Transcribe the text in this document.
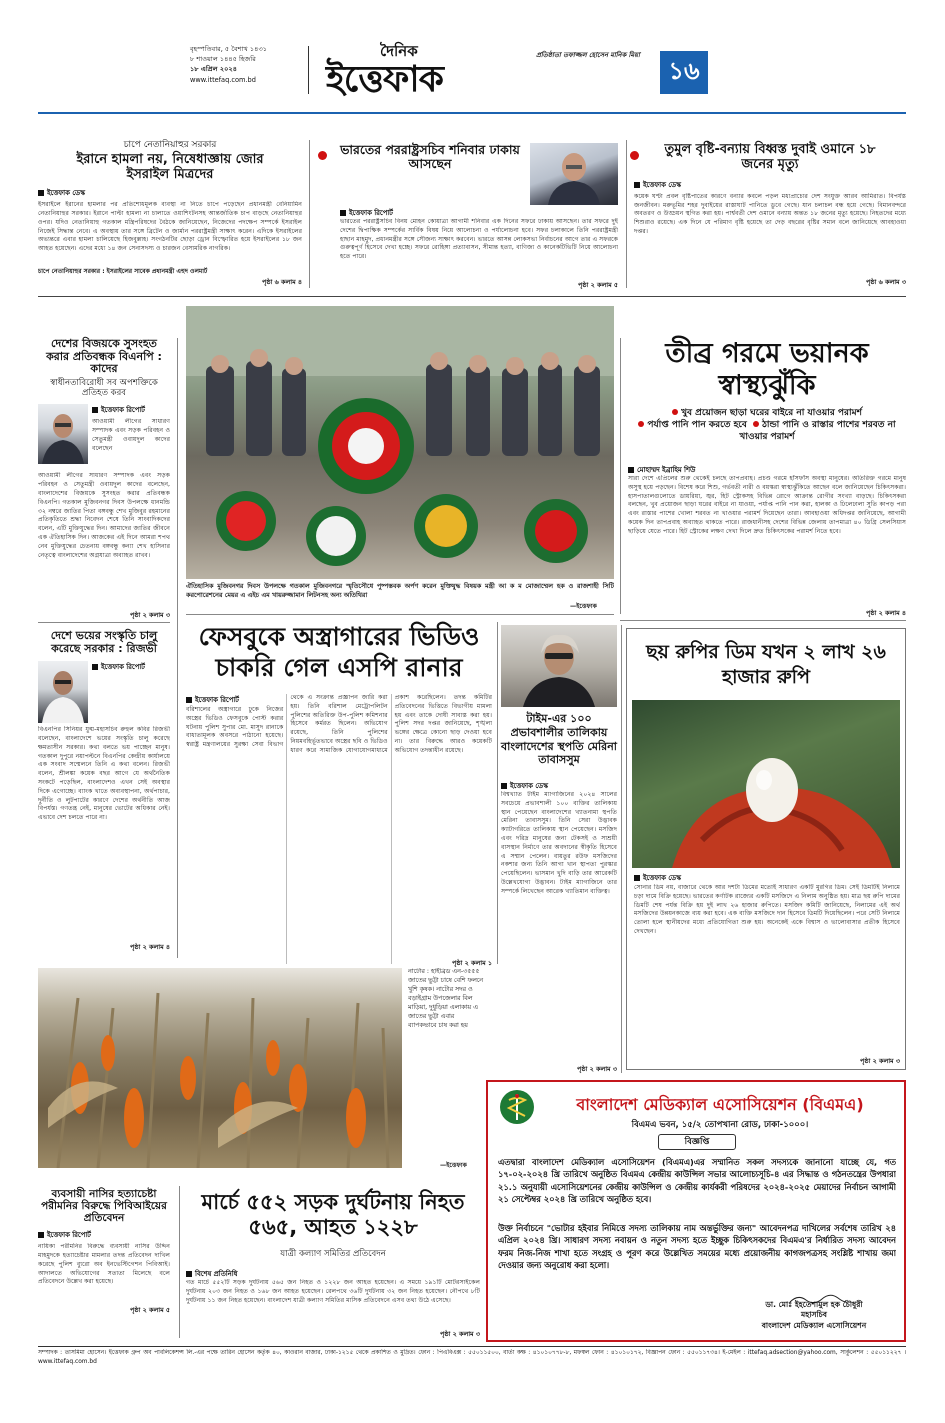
বৃহস্পতিবার, ৫ বৈশাখ ১৪৩১
৮ শাওয়াল ১৪৪৫ হিজরি
১৮ এপ্রিল ২০২৪
www.ittefaq.com.bd
দৈনিক
ইত্তেফাক
প্রতিষ্ঠাতা তফাজ্জল হোসেন মানিক মিয়া
১৬
চাপে নেতানিয়াহুর সরকার
ইরানে হামলা নয়, নিষেধাজ্ঞায় জোর ইসরাইল মিত্রদের
ইত্তেফাক ডেস্ক
ইসরাইলে ইরানের হামলার পর প্রতিশোধমূলক ব্যবস্থা না নিতে চাপে পড়েছেন প্রধানমন্ত্রী বেনিয়ামিন নেতানিয়াহুর সরকার। ইরানে পাল্টা হামলা না চালাতে ওয়াশিংটনসহ আন্তর্জাতিক চাপ বাড়ছে নেতানিয়াহুর ওপর। যদিও নেতানিয়াহু গতকাল মন্ত্রিপরিষদের বৈঠকে জানিয়েছেন, নিজেদের পদক্ষেপ সম্পর্কে ইসরাইল নিজেই সিদ্ধান্ত নেবে। এ অবস্থায় তার সঙ্গে ব্রিটেন ও জার্মান পররাষ্ট্রমন্ত্রী সাক্ষাৎ করেন। এদিকে ইসরাইলের অভ্যন্তরে এবার হামলা চালিয়েছে হিজবুল্লাহ। সংগঠনটির ছোড়া ড্রোন বিস্ফোরিত হয়ে ইসরাইলের ১৮ জন আহত হয়েছেন। এদের মধ্যে ১৪ জন সেনাসদস্য ও চারজন বেসামরিক নাগরিক।
চাপে নেতানিয়াহুর সরকার : ইসরাইলের সাবেক প্রধানমন্ত্রী এহুদ ওলমার্ট
পৃষ্ঠা ৬ কলাম ৪
ভারতের পররাষ্ট্রসচিব শনিবার ঢাকায় আসছেন
ইত্তেফাক রিপোর্ট
ভারতের পররাষ্ট্রসচিব বিনয় মোহন কোয়াত্রা আগামী শনিবার এক দিনের সফরে ঢাকায় আসছেন। তার সফরে দুই দেশের দ্বিপাক্ষিক সম্পর্কের সার্বিক বিষয় নিয়ে আলোচনা ও পর্যালোচনা হবে। সফর চলাকালে তিনি পররাষ্ট্রমন্ত্রী হাছান মাহমুদ, প্রধানমন্ত্রীর সঙ্গে সৌজন্য সাক্ষাৎ করবেন। ভারতে আসন্ন লোকসভা নির্বাচনের আগে তার এ সফরকে গুরুত্বপূর্ণ হিসেবে দেখা হচ্ছে। সফরে রোহিঙ্গা প্রত্যাবাসন, সীমান্ত হত্যা, বাণিজ্য ও কানেকটিভিটি নিয়ে আলোচনা হতে পারে।
পৃষ্ঠা ২ কলাম ৫
তুমুল বৃষ্টি-বন্যায় বিধ্বস্ত দুবাই ওমানে ১৮ জনের মৃত্যু
ইত্তেফাক ডেস্ক
কয়েক ঘণ্টা প্রবল বৃষ্টিপাতের কারণে বন্যার কবলে পড়ল মধ্যপ্রাচ্যের দেশ সংযুক্ত আরব আমিরাত। বিপর্যস্ত জনজীবন। মরুভূমির শহর দুবাইয়ের রাস্তাঘাট পানিতে ডুবে গেছে। যান চলাচল বন্ধ হয়ে গেছে। বিমানবন্দরে অবতরণ ও উড্ডয়ন স্থগিত করা হয়। পার্শ্ববর্তী দেশ ওমানে বন্যায় অন্তত ১৮ জনের মৃত্যু হয়েছে। নিহতদের মধ্যে শিশুরাও রয়েছে। এক দিনে যে পরিমাণ বৃষ্টি হয়েছে তা দেড় বছরের বৃষ্টির সমান বলে জানিয়েছে আবহাওয়া দপ্তর।
পৃষ্ঠা ৬ কলাম ৩
দেশের বিজয়কে সুসংহত করার প্রতিবন্ধক বিএনপি : কাদের
স্বাধীনতাবিরোধী সব অপশক্তিকে প্রতিহত করব
ইত্তেফাক রিপোর্ট
আওয়ামী লীগের সাধারণ সম্পাদক এবং সড়ক পরিবহন ও সেতুমন্ত্রী ওবায়দুল কাদের বলেছেন
আওয়ামী লীগের সাধারণ সম্পাদক এবং সড়ক পরিবহন ও সেতুমন্ত্রী ওবায়দুল কাদের বলেছেন, বাংলাদেশের বিজয়কে সুসংহত করার প্রতিবন্ধক বিএনপি। গতকাল মুজিবনগর দিবস উপলক্ষে ধানমন্ডি ৩২ নম্বরে জাতির পিতা বঙ্গবন্ধু শেখ মুজিবুর রহমানের প্রতিকৃতিতে শ্রদ্ধা নিবেদন শেষে তিনি সাংবাদিকদের বলেন, এটি মুক্তিযুদ্ধের দিন। আমাদের জাতির জীবনে এক ঐতিহাসিক দিন। আজকের এই দিনে আমরা শপথ নেব মুক্তিযুদ্ধের চেতনায় বঙ্গবন্ধু কন্যা শেখ হাসিনার নেতৃত্বে বাংলাদেশের অগ্রযাত্রা অব্যাহত রাখব।
পৃষ্ঠা ২ কলাম ৩
দেশে ভয়ের সংস্কৃতি চালু করেছে সরকার : রিজভী
ইত্তেফাক রিপোর্ট
বিএনপির সিনিয়র যুগ্ম-মহাসচিব রুহুল কবির রিজভী বলেছেন, বাংলাদেশে ভয়ের সংস্কৃতি চালু করেছে ক্ষমতাসীন সরকার। কথা বলতে ভয় পাচ্ছেন মানুষ। গতকাল দুপুরে নয়াপল্টনে বিএনপির কেন্দ্রীয় কার্যালয়ে এক সংবাদ সম্মেলনে তিনি এ কথা বলেন। রিজভী বলেন, শ্রীলঙ্কা কয়েক বছর আগে যে অর্থনৈতিক সংকটে পড়েছিল, বাংলাদেশও এখন সেই অবস্থার দিকে এগোচ্ছে। ব্যাংক খাতে অব্যবস্থাপনা, অর্থপাচার, দুর্নীতি ও লুটপাটের কারণে দেশের অর্থনীতি আজ বিপর্যস্ত। গণতন্ত্র নেই, মানুষের ভোটের অধিকার নেই। এভাবে দেশ চলতে পারে না।
পৃষ্ঠা ২ কলাম ৪
ব্যবসায়ী নাসির হত্যাচেষ্টা পরীমনির বিরুদ্ধে পিবিআইয়ের প্রতিবেদন
ইত্তেফাক রিপোর্ট
নায়িকা পরীমনির বিরুদ্ধে ব্যবসায়ী নাসির উদ্দিন মাহমুদকে হত্যাচেষ্টার মামলার তদন্ত প্রতিবেদন দাখিল করেছে পুলিশ ব্যুরো অব ইনভেস্টিগেশন পিবিআই। আদালতে অভিযোগের সত্যতা মিলেছে বলে প্রতিবেদনে উল্লেখ করা হয়েছে।
পৃষ্ঠা ২ কলাম ৫
ঐতিহাসিক মুজিবনগর দিবস উপলক্ষে গতকাল মুজিবনগরে স্মৃতিসৌধে পুষ্পস্তবক অর্পণ করেন মুক্তিযুদ্ধ বিষয়ক মন্ত্রী আ ক ম মোজাম্মেল হক ও রাজশাহী সিটি করপোরেশনের মেয়র এ এইচ এম খায়রুজ্জামান লিটনসহ অন্য অতিথিরা
—ইত্তেফাক
ফেসবুকে অস্ত্রাগারের ভিডিও চাকরি গেল এসপি রানার
ইত্তেফাক রিপোর্ট
বরিশালের অস্ত্রাগারে ঢুকে নিজের অস্ত্রের ভিডিও ফেসবুকে পোস্ট করার ঘটনায় পুলিশ সুপার মো. মাসুদ রানাকে বাধ্যতামূলক অবসরে পাঠানো হয়েছে। স্বরাষ্ট্র মন্ত্রণালয়ের সুরক্ষা সেবা বিভাগ থেকে এ সংক্রান্ত প্রজ্ঞাপন জারি করা হয়। তিনি বরিশাল মেট্রোপলিটন পুলিশের অতিরিক্ত উপ-পুলিশ কমিশনার হিসেবে কর্মরত ছিলেন। অভিযোগ রয়েছে, তিনি পুলিশের নিয়মবহির্ভূতভাবে অস্ত্রের ছবি ও ভিডিও ধারণ করে সামাজিক যোগাযোগমাধ্যমে প্রকাশ করেছিলেন। তদন্ত কমিটির প্রতিবেদনের ভিত্তিতে বিভাগীয় মামলা হয় এবং তাকে দোষী সাব্যস্ত করা হয়। পুলিশ সদর দপ্তর জানিয়েছে, শৃঙ্খলা ভঙ্গের ক্ষেত্রে কোনো ছাড় দেওয়া হবে না। তার বিরুদ্ধে আরও কয়েকটি অভিযোগ তদন্তাধীন রয়েছে।
পৃষ্ঠা ২ কলাম ১
নাটোর : হাইব্রিড এন-৩৫৫৫ জাতের ভুট্টা চাষে বেশি ফলনে খুশি কৃষক। নাটোর সদর ও বড়াইগ্রাম উপজেলার বিল মাড়িয়া, দুধুড়িয়া এলাকায় এ জাতের ভুট্টা এবার ব্যাপকভাবে চাষ করা হয়
—ইত্তেফাক
মার্চে ৫৫২ সড়ক দুর্ঘটনায় নিহত ৫৬৫, আহত ১২২৮
যাত্রী কল্যাণ সমিতির প্রতিবেদন
বিশেষ প্রতিনিধি
গত মার্চে ৫৫২টি সড়ক দুর্ঘটনায় ৫৬৫ জন নিহত ও ১২২৮ জন আহত হয়েছেন। এ সময়ে ১৯১টি মোটরসাইকেল দুর্ঘটনায় ২০৩ জন নিহত ও ১৬৮ জন আহত হয়েছেন। রেলপথে ৩৬টি দুর্ঘটনায় ৩২ জন নিহত হয়েছেন। নৌপথে ৮টি দুর্ঘটনায় ১১ জন নিহত হয়েছেন। বাংলাদেশ যাত্রী কল্যাণ সমিতির মাসিক প্রতিবেদনে এসব তথ্য উঠে এসেছে।
পৃষ্ঠা ২ কলাম ৩
তীব্র গরমে ভয়ানক স্বাস্থ্যঝুঁকি
খুব প্রয়োজন ছাড়া ঘরের বাইরে না যাওয়ার পরামর্শ
পর্যাপ্ত পানি পান করতে হবে ঠান্ডা পানি ও রাস্তার পাশের শরবত না খাওয়ার পরামর্শ
মোহাম্মদ ইব্রাহিম শিউ
সারা দেশে এপ্রিলের শুরু থেকেই চলছে তাপপ্রবাহ। প্রচণ্ড গরমে হাঁসফাঁস অবস্থা মানুষের। অতিরিক্ত গরমে মানুষ অসুস্থ হয়ে পড়ছেন। বিশেষ করে শিশু, গর্ভবতী নারী ও বয়স্করা স্বাস্থ্যঝুঁকিতে আছেন বলে জানিয়েছেন চিকিৎসকরা। হাসপাতালগুলোতে ডায়রিয়া, জ্বর, হিট স্ট্রোকসহ বিভিন্ন রোগে আক্রান্ত রোগীর সংখ্যা বাড়ছে। চিকিৎসকরা বলছেন, খুব প্রয়োজন ছাড়া ঘরের বাইরে না যাওয়া, পর্যাপ্ত পানি পান করা, হালকা ও ঢিলেঢালা সুতি কাপড় পরা এবং রাস্তার পাশের খোলা শরবত না খাওয়ার পরামর্শ দিয়েছেন তারা। আবহাওয়া অধিদপ্তর জানিয়েছে, আগামী কয়েক দিন তাপপ্রবাহ অব্যাহত থাকতে পারে। রাজধানীসহ দেশের বিভিন্ন জেলায় তাপমাত্রা ৪০ ডিগ্রি সেলসিয়াস ছাড়িয়ে যেতে পারে। হিট স্ট্রোকের লক্ষণ দেখা দিলে দ্রুত চিকিৎসকের পরামর্শ নিতে হবে।
পৃষ্ঠা ২ কলাম ৪
টাইম-এর ১০০ প্রভাবশালীর তালিকায় বাংলাদেশের স্থপতি মেরিনা তাবাসসুম
ইত্তেফাক ডেস্ক
বিশ্বখ্যাত টাইম ম্যাগাজিনের ২০২৪ সালের সবচেয়ে প্রভাবশালী ১০০ ব্যক্তির তালিকায় স্থান পেয়েছেন বাংলাদেশের খ্যাতনামা স্থপতি মেরিনা তাবাসসুম। তিনি সেরা উদ্ভাবক ক্যাটাগরিতে তালিকায় স্থান পেয়েছেন। মসজিদ এবং দরিদ্র মানুষের জন্য টেকসই ও সাশ্রয়ী বাসস্থান নির্মাণে তার অবদানের স্বীকৃতি হিসেবে এ সম্মান পেলেন। বায়তুর রউফ মসজিদের নকশার জন্য তিনি আগা খান স্থাপত্য পুরস্কার পেয়েছিলেন। ভাসমান খুদি বাড়ি তার আরেকটি উল্লেখযোগ্য উদ্ভাবন। টাইম ম্যাগাজিনে তার সম্পর্কে লিখেছেন আরেক খ্যাতিমান ব্যক্তিত্ব।
পৃষ্ঠা ২ কলাম ৩
ছয় রুপির ডিম যখন ২ লাখ ২৬ হাজার রুপি
ইত্তেফাক ডেস্ক
সোনার ডিম নয়, বাজারে থেকে আর দশটা ডিমের মতোই সাধারণ একটি মুরগির ডিম। সেই ডিমটিই নিলামে চড়া দামে বিক্রি হয়েছে। ভারতের কর্ণাটক রাজ্যের একটি মসজিদে এ নিলাম অনুষ্ঠিত হয়। মাত্র ছয় রুপি দামের ডিমটি শেষ পর্যন্ত বিক্রি হয় দুই লাখ ২৬ হাজার রুপিতে। মসজিদ কমিটি জানিয়েছে, নিলামের এই অর্থ মসজিদের উন্নয়নকাজে ব্যয় করা হবে। এক ব্যক্তি মসজিদে দান হিসেবে ডিমটি দিয়েছিলেন। পরে সেটি নিলামে তোলা হলে স্থানীয়দের মধ্যে প্রতিযোগিতা শুরু হয়। অনেকেই একে বিশ্বাস ও ভালোবাসার প্রতীক হিসেবে দেখছেন।
পৃষ্ঠা ২ কলাম ৩
বাংলাদেশ মেডিক্যাল এসোসিয়েশন (বিএমএ)
বিএমএ ভবন, ১৫/২ তোপখানা রোড, ঢাকা-১০০০।
বিজ্ঞপ্তি
এতদ্বারা বাংলাদেশ মেডিক্যাল এসোসিয়েশন (বিএমএ)এর সম্মানিত সকল সদস্যকে জানানো যাচ্ছে যে, গত ১৭-০২-২০২৪ খ্রি তারিখে অনুষ্ঠিত বিএমএ কেন্দ্রীয় কাউন্সিল সভার আলোচ্যসূচি-৪ এর সিদ্ধান্ত ও গঠনতন্ত্রের উপধারা ২১.১ অনুযায়ী এসোসিয়েশনের কেন্দ্রীয় কাউন্সিল ও কেন্দ্রীয় কার্যকরী পরিষদের ২০২৪-২০২৫ মেয়াদের নির্বাচন আগামী ২১ সেপ্টেম্বর ২০২৪ খ্রি তারিখে অনুষ্ঠিত হবে।
উক্ত নির্বাচনে "ভোটার হইবার নিমিত্তে সদস্য তালিকায় নাম অন্তর্ভুক্তির জন্য" আবেদনপত্র দাখিলের সর্বশেষ তারিখ ২৪ এপ্রিল ২০২৪ খ্রি। সাধারণ সদস্য নবায়ন ও নতুন সদস্য হতে ইচ্ছুক চিকিৎসকদের বিএমএ'র নির্ধারিত সদস্য আবেদন ফরম নিজ-নিজ শাখা হতে সংগ্রহ ও পূরণ করে উল্লেখিত সময়ের মধ্যে প্রয়োজনীয় কাগজপত্রসহ সংশ্লিষ্ট শাখায় জমা দেওয়ার জন্য অনুরোধ করা হলো।
ডা. মোঃ ইহতেশামুল হক চৌধুরী
মহাসচিব
বাংলাদেশ মেডিক্যাল এসোসিয়েশন
সম্পাদক : তাসমিমা হোসেন। ইত্তেফাক গ্রুপ অব পাবলিকেশন্স লি.-এর পক্ষে তারিন হোসেন কর্তৃক ৪০, কাওরান বাজার, ঢাকা-১২১৫ থেকে প্রকাশিত ও মুদ্রিত। ফোন : পিএবিএক্স : ৫৫০১১৫০০, বার্তা কক্ষ : ৪১০১০৭৭৮-৮, মফস্বল ফোন : ৪১০১০১৭২, বিজ্ঞাপন ফোন : ৫৫০১১৭৩৪। ই-মেইল : ittefaq.adsection@yahoo.com, সার্কুলেশন : ৫৫০১১২২৭ । www.ittefaq.com.bd
